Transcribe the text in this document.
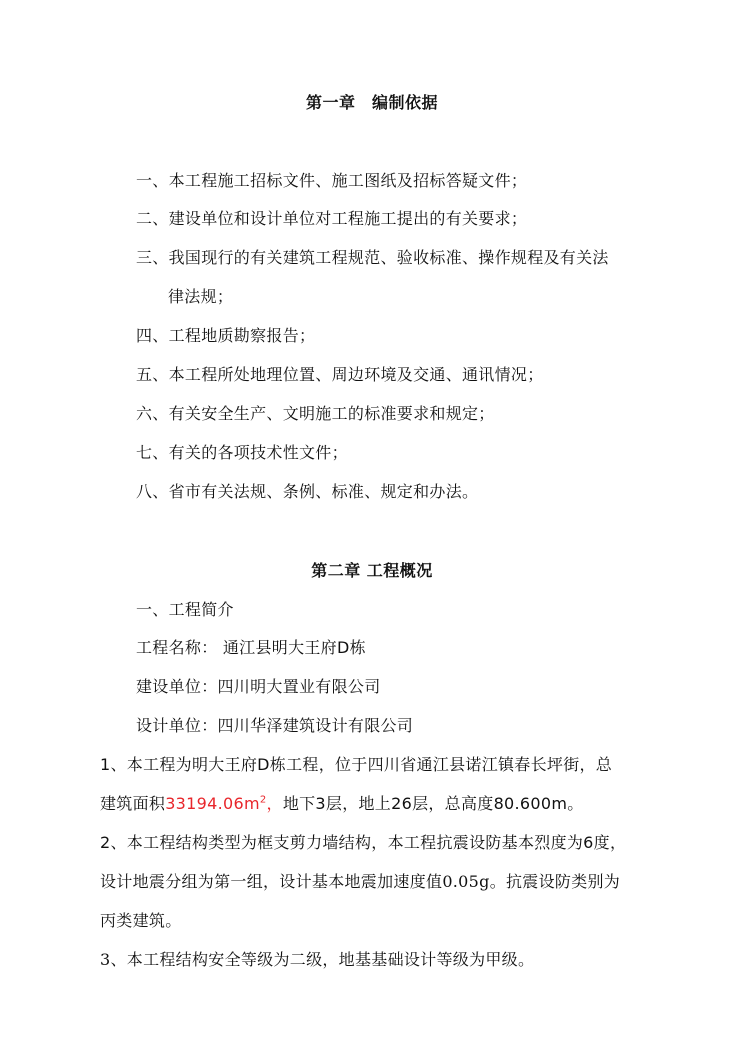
第一章　编制依据
一、本工程施工招标文件、施工图纸及招标答疑文件；
二、建设单位和设计单位对工程施工提出的有关要求；
三、我国现行的有关建筑工程规范、验收标准、操作规程及有关法
律法规；
四、工程地质勘察报告；
五、本工程所处地理位置、周边环境及交通、通讯情况；
六、有关安全生产、文明施工的标准要求和规定；
七、有关的各项技术性文件；
八、省市有关法规、条例、标准、规定和办法。
第二章 工程概况
一、工程简介
工程名称： 通江县明大王府D栋
建设单位：四川明大置业有限公司
设计单位：四川华泽建筑设计有限公司
1、本工程为明大王府D栋工程，位于四川省通江县诺江镇春长坪街，总
建筑面积$33194.06m^2$，地下3层，地上26层，总高度80.600m。
2、本工程结构类型为框支剪力墙结构，本工程抗震设防基本烈度为6度，
设计地震分组为第一组，设计基本地震加速度值0.05g。抗震设防类别为
丙类建筑。
3、本工程结构安全等级为二级，地基基础设计等级为甲级。
